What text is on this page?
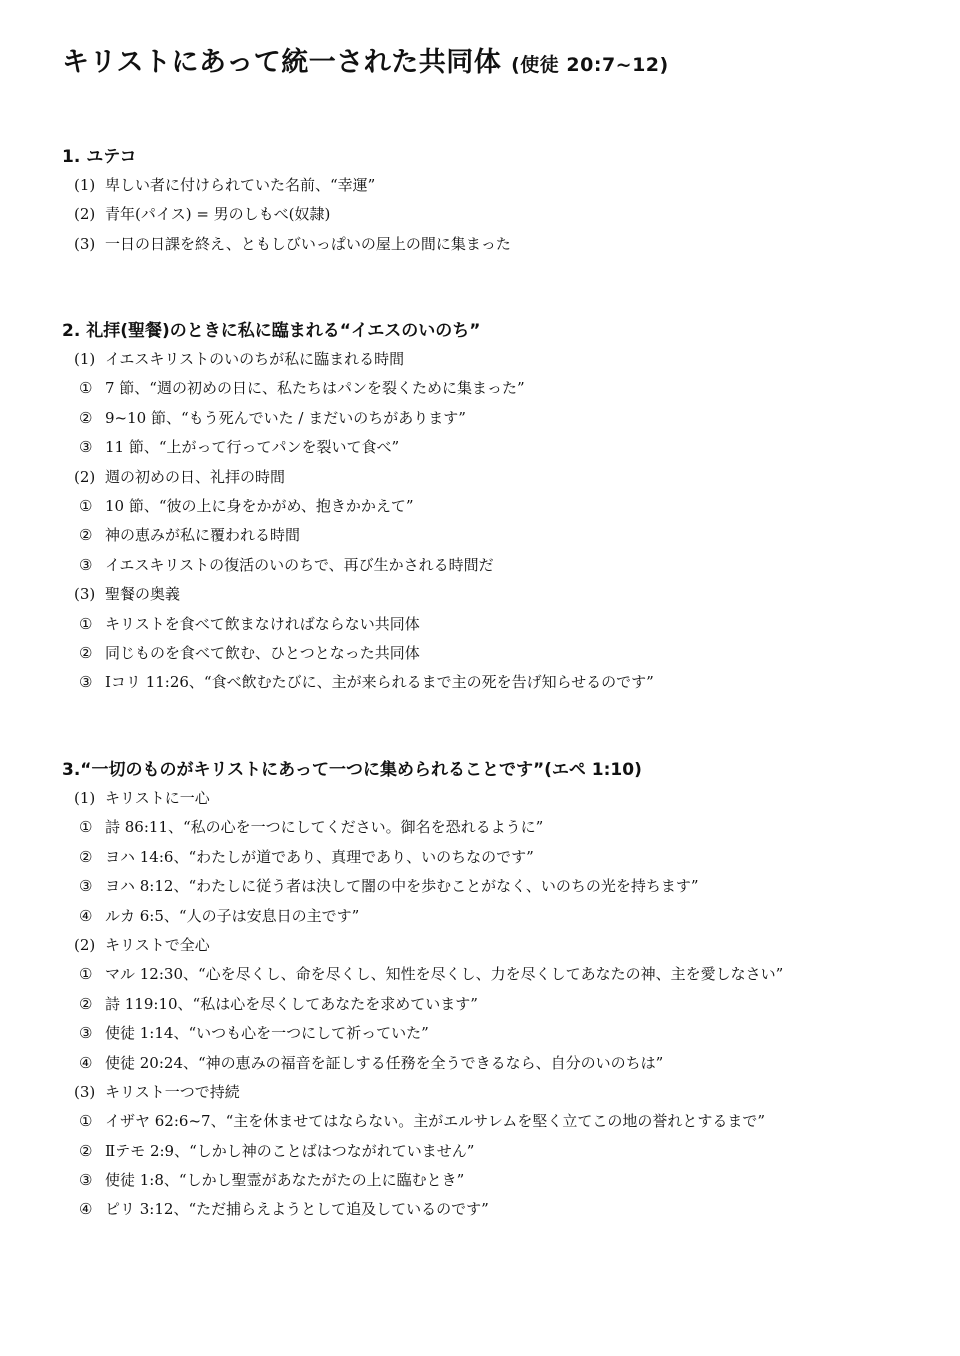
キリストにあって統一された共同体 (使徒 20:7~12)
1. ユテコ
(1) 卑しい者に付けられていた名前、“幸運”
(2) 青年(パイス) = 男のしもべ(奴隷)
(3) 一日の日課を終え、ともしびいっぱいの屋上の間に集まった
2. 礼拝(聖餐)のときに私に臨まれる“イエスのいのち”
(1) イエスキリストのいのちが私に臨まれる時間
① 7 節、“週の初めの日に、私たちはパンを裂くために集まった”
② 9~10 節、“もう死んでいた / まだいのちがあります”
③ 11 節、“上がって行ってパンを裂いて食べ”
(2) 週の初めの日、礼拝の時間
① 10 節、“彼の上に身をかがめ、抱きかかえて”
② 神の恵みが私に覆われる時間
③ イエスキリストの復活のいのちで、再び生かされる時間だ
(3) 聖餐の奥義
① キリストを食べて飲まなければならない共同体
② 同じものを食べて飲む、ひとつとなった共同体
③ Ⅰコリ 11:26、“食べ飲むたびに、主が来られるまで主の死を告げ知らせるのです”
3.“一切のものがキリストにあって一つに集められることです”(エペ 1:10)
(1) キリストに一心
① 詩 86:11、“私の心を一つにしてください。御名を恐れるように”
② ヨハ 14:6、“わたしが道であり、真理であり、いのちなのです”
③ ヨハ 8:12、“わたしに従う者は決して闇の中を歩むことがなく、いのちの光を持ちます”
④ ルカ 6:5、“人の子は安息日の主です”
(2) キリストで全心
① マル 12:30、“心を尽くし、命を尽くし、知性を尽くし、力を尽くしてあなたの神、主を愛しなさい”
② 詩 119:10、“私は心を尽くしてあなたを求めています”
③ 使徒 1:14、“いつも心を一つにして祈っていた”
④ 使徒 20:24、“神の恵みの福音を証しする任務を全うできるなら、自分のいのちは”
(3) キリスト一つで持続
① イザヤ 62:6~7、“主を休ませてはならない。主がエルサレムを堅く立てこの地の誉れとするまで”
② Ⅱテモ 2:9、“しかし神のことばはつながれていません”
③ 使徒 1:8、“しかし聖霊があなたがたの上に臨むとき”
④ ピリ 3:12、“ただ捕らえようとして追及しているのです”
